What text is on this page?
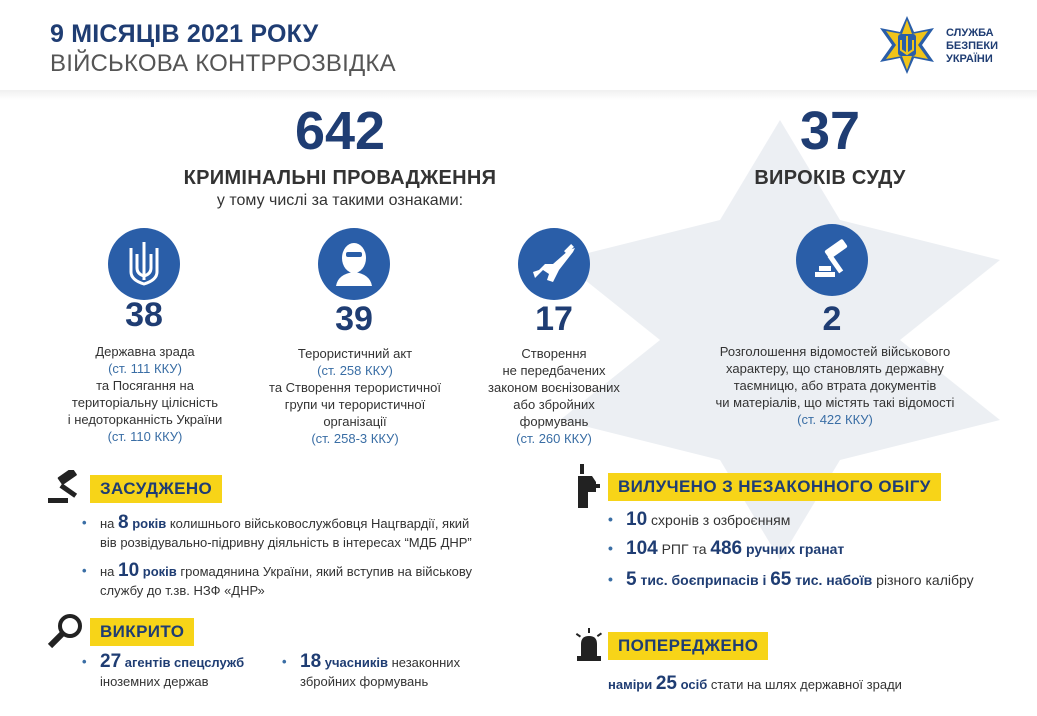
9 МІСЯЦІВ 2021 РОКУ
ВІЙСЬКОВА КОНТРРОЗВІДКА
СЛУЖБА
БЕЗПЕКИ
УКРАЇНИ
642
КРИМІНАЛЬНІ ПРОВАДЖЕННЯ
у тому числі за такими ознаками:
37
ВИРОКІВ СУДУ
38
Державна зрада
(ст. 111 ККУ)
та Посягання на
територіальну цілісність
і недоторканність України
(ст. 110 ККУ)
39
Терористичний акт
(ст. 258 ККУ)
та Створення терористичної
групи чи терористичної
організації
(ст. 258-3 ККУ)
17
Створення
не передбачених
законом воєнізованих
або збройних
формувань
(ст. 260 ККУ)
2
Розголошення відомостей військового
характеру, що становлять державну
таємницю, або втрата документів
чи матеріалів, що містять такі відомості
(ст. 422 ККУ)
ЗАСУДЖЕНО
• на 8 років колишнього військовослужбовця Нацгвардії, який
вів розвідувально-підривну діяльність в інтересах “МДБ ДНР”
• на 10 років громадянина України, який вступив на військову
службу до т.зв. НЗФ «ДНР»
ВИКРИТО
• 27 агентів спецслужб
іноземних держав
• 18 учасників незаконних
збройних формувань
ВИЛУЧЕНО З НЕЗАКОННОГО ОБІГУ
• 10 схронів з озброєнням
• 104 РПГ та 486 ручних гранат
• 5 тис. боєприпасів і 65 тис. набоїв різного калібру
ПОПЕРЕДЖЕНО
наміри 25 осіб стати на шлях державної зради
